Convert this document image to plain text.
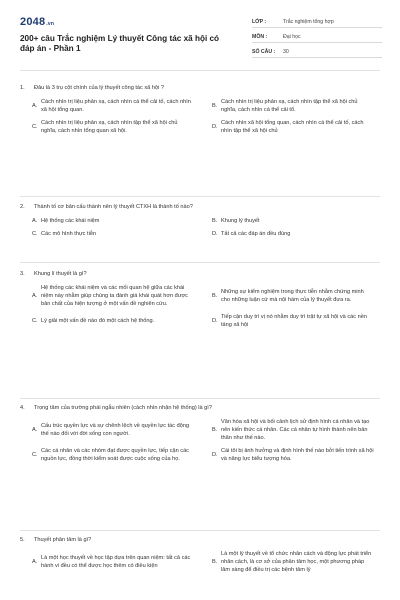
2048.vn
200+ câu Trắc nghiệm Lý thuyết Công tác xã hội có đáp án - Phần 1
LỚP :	Trắc nghiệm tổng hợp
MÔN :	Đại học
SỐ CÂU :	30
1.	Đâu là 3 trụ cột chính của lý thuyết công tác xã hội ?
A.
Cách nhìn trị liệu phản xạ, cách nhìn cá thể cải tố, cách nhìn xã hội tổng quan.
B.
Cách nhìn trị liệu phản xạ, cách nhìn tập thể xã hội chủ nghĩa, cách nhìn cá thể cải tổ.
C.
Cách nhìn trị liệu phản xạ, cách nhìn tập thể xã hội chủ nghĩa, cách nhìn tổng quan xã hội.
D.
Cách nhìn xã hội tổng quan, cách nhìn cá thể cải tố, cách nhìn tập thể xã hội chủ
2.	Thành tố cơ bản cấu thành nên lý thuyết CTXH là thành tố nào?
A. Hệ thống các khái niệm	B. Khung lý thuyết
C. Các mô hình thực tiễn	D. Tất cả các đáp án đều đúng
3.	Khung lí thuyết là gì?
A.
Hệ thống các khái niệm và các mối quan hệ giữa các khái niệm này nhằm giúp chúng ta đánh giá khái quát hơn được bản chất của hiện tượng ở một vấn đề nghiên cứu.
B.
Những sự kiểm nghiệm trong thực tiễn nhằm chứng minh cho những luận cứ mà nội hàm của lý thuyết đưa ra.
C. Lý giải một vấn đề nào đó một cách hệ thống.	D.
Tiếp cận duy trì vị nó nhằm duy trì trật tự xã hội và các nền tảng xã hội
4.	Trọng tâm của trường phái ngẫu nhiên (cách nhìn nhận hệ thống) là gì?
A.
Cấu trúc quyền lực và sự chênh lệch về quyền lực tác động thế nào đối với đời sống con người.
B.
Văn hóa xã hội và bối cảnh lịch sử định hình cá nhân và tạo nên kiến thức cá nhân. Các cá nhân tự hình thành nên bản thân như thế nào.
C.
Các cá nhân và các nhóm đạt được quyền lực, tiếp cận các nguồn lực, đồng thời kiểm soát được cuộc sống của họ.
D.
Cái tôi bị ảnh hưởng và định hình thế nào bởi tiến trình xã hội và năng lực biểu tượng hóa.
5.	Thuyết phân tâm là gì?
A.
Là một học thuyết về học tập dựa trên quan niệm: tất cả các hành vi đều có thể được học thêm có điều kiện
B.
Là một lý thuyết về tổ chức nhân cách và động lực phát triển nhân cách, là cơ sở của phân tâm học, một phương pháp lâm sàng để điều trị các bệnh tâm lý
